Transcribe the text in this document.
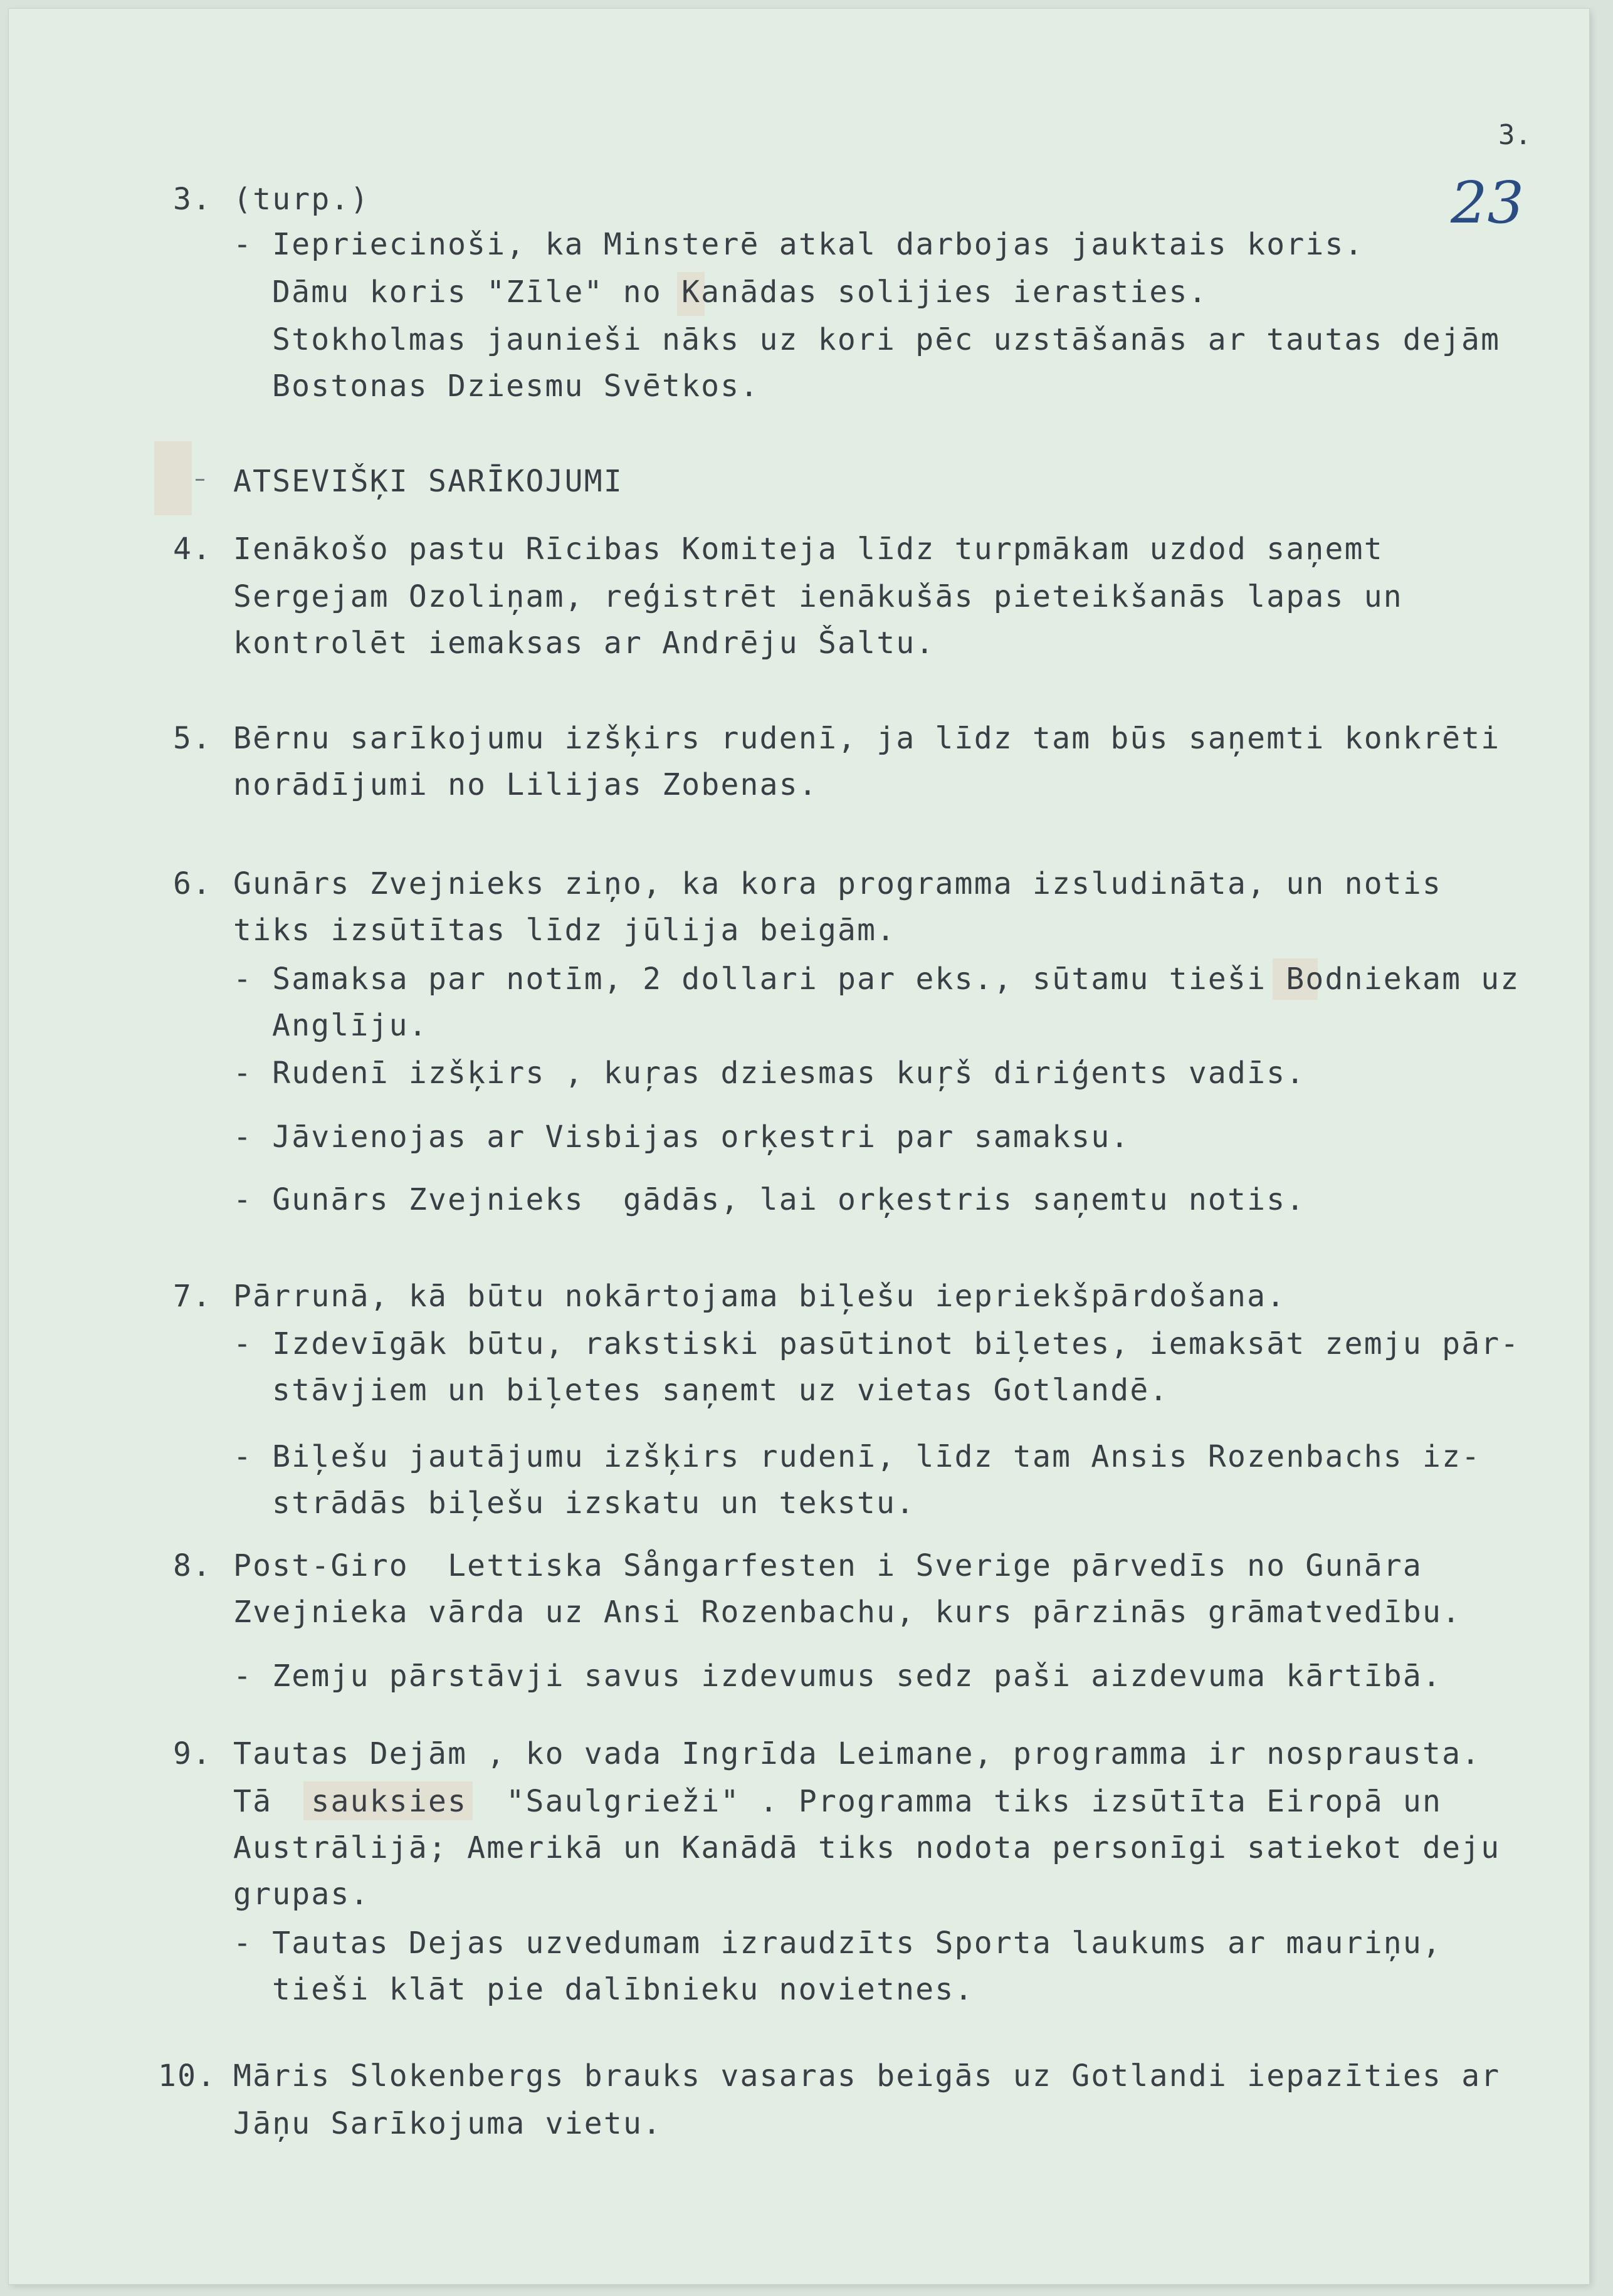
3.
23
3. (turp.)
- Iepriecinoši, ka Minsterē atkal darbojas jauktais koris.
Dāmu koris "Zīle" no Kanādas solijies ierasties.
Stokholmas jaunieši nāks uz kori pēc uzstāšanās ar tautas dejām
Bostonas Dziesmu Svētkos.
ATSEVIŠĶI SARĪKOJUMI
4. Ienākošo pastu Rīcibas Komiteja līdz turpmākam uzdod saņemt
Sergejam Ozoliņam, reģistrēt ienākušās pieteikšanās lapas un
kontrolēt iemaksas ar Andrēju Šaltu.
5. Bērnu sarīkojumu izšķirs rudenī, ja līdz tam būs saņemti konkrēti
norādījumi no Lilijas Zobenas.
6. Gunārs Zvejnieks ziņo, ka kora programma izsludināta, un notis
tiks izsūtītas līdz jūlija beigām.
- Samaksa par notīm, 2 dollari par eks., sūtamu tieši Bodniekam uz
Anglīju.
- Rudenī izšķirs , kuŗas dziesmas kuŗš diriģents vadīs.
- Jāvienojas ar Visbijas orķestri par samaksu.
- Gunārs Zvejnieks  gādās, lai orķestris saņemtu notis.
7. Pārrunā, kā būtu nokārtojama biļešu iepriekšpārdošana.
- Izdevīgāk būtu, rakstiski pasūtinot biļetes, iemaksāt zemju pār-
stāvjiem un biļetes saņemt uz vietas Gotlandē.
- Biļešu jautājumu izšķirs rudenī, līdz tam Ansis Rozenbachs iz-
strādās biļešu izskatu un tekstu.
8. Post-Giro  Lettiska Sångarfesten i Sverige pārvedīs no Gunāra
Zvejnieka vārda uz Ansi Rozenbachu, kurs pārzinās grāmatvedību.
- Zemju pārstāvji savus izdevumus sedz paši aizdevuma kārtībā.
9. Tautas Dejām , ko vada Ingrīda Leimane, programma ir nosprausta.
Tā  sauksies  "Saulgrieži" . Programma tiks izsūtīta Eiropā un
Austrālijā; Amerikā un Kanādā tiks nodota personīgi satiekot deju
grupas.
- Tautas Dejas uzvedumam izraudzīts Sporta laukums ar mauriņu,
tieši klāt pie dalībnieku novietnes.
10. Māris Slokenbergs brauks vasaras beigās uz Gotlandi iepazīties ar
Jāņu Sarīkojuma vietu.
